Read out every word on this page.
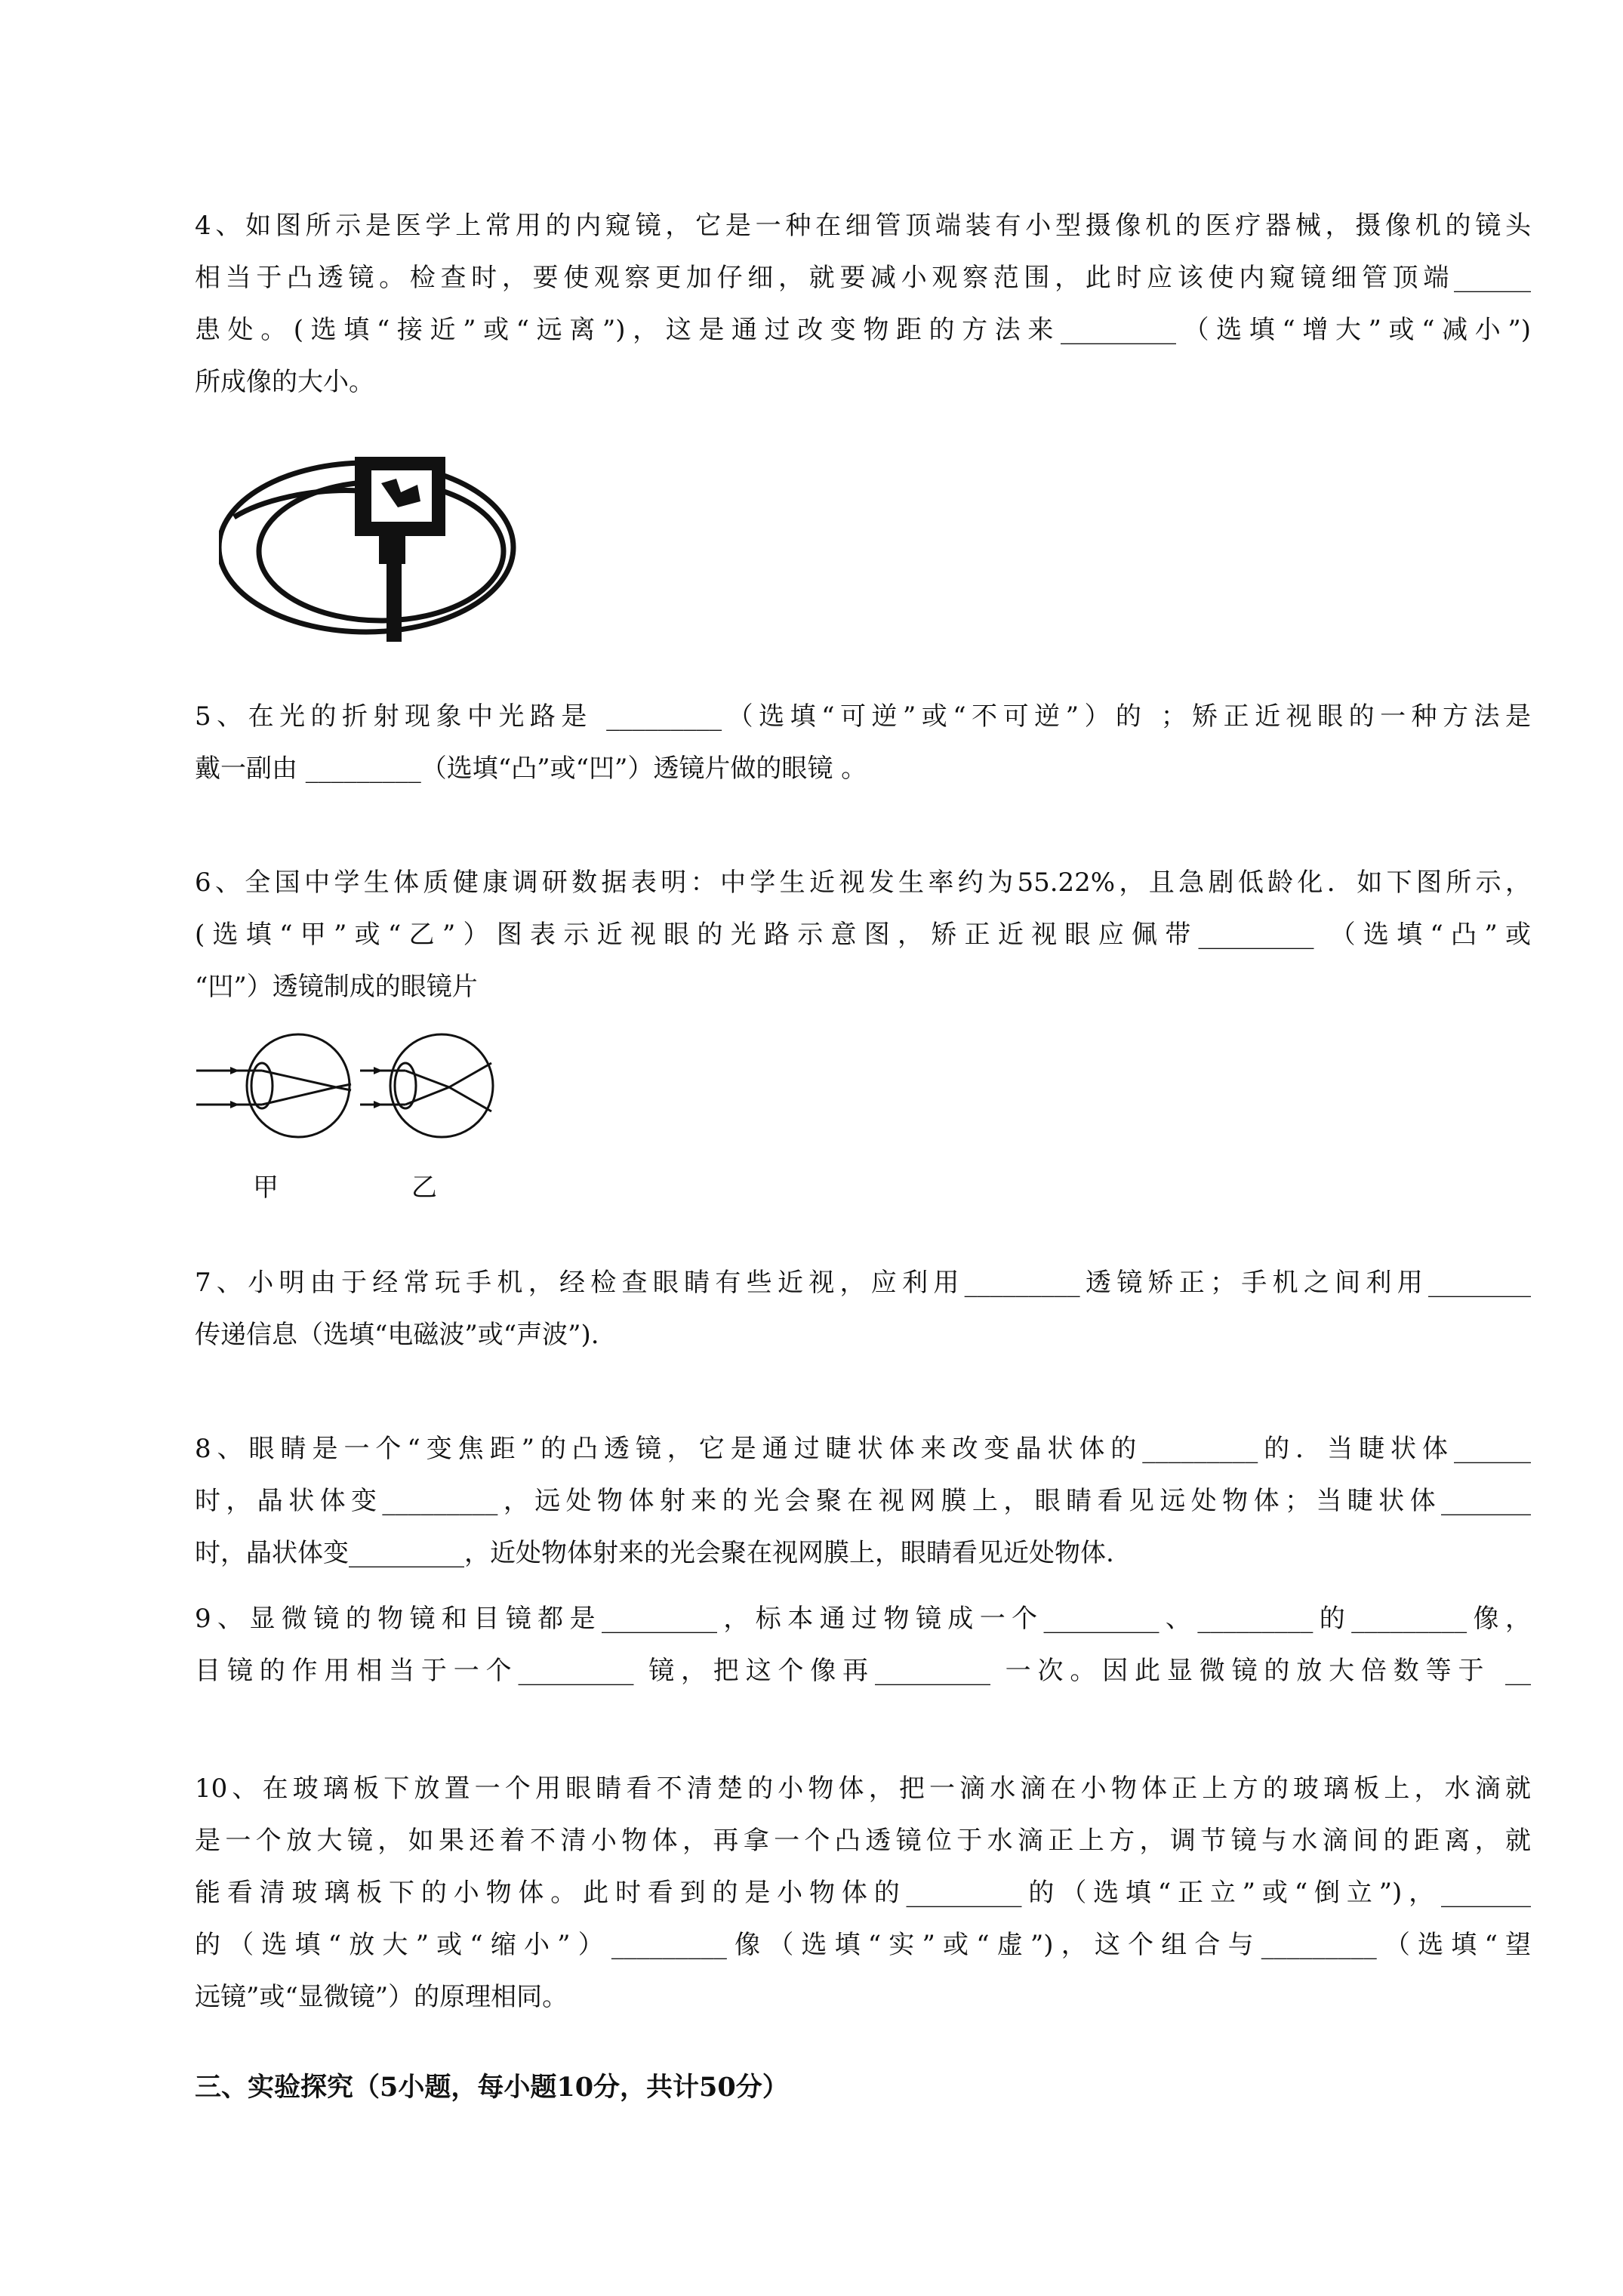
4、如图所示是医学上常用的内窥镜，它是一种在细管顶端装有小型摄像机的医疗器械，摄像机的镜头
相当于凸透镜。检查时，要使观察更加仔细，就要减小观察范围，此时应该使内窥镜细管顶端______
患处。(选填“接近”或“远离”)，这是通过改变物距的方法来_________（选填“增大”或“减小”)
所成像的大小。
5、在光的折射现象中光路是 _________（选填“可逆”或“不可逆”）的 ；矫正近视眼的一种方法是
戴一副由 _________（选填“凸”或“凹”）透镜片做的眼镜 。
6、全国中学生体质健康调研数据表明：中学生近视发生率约为55.22%，且急剧低龄化．如下图所示，
(选填“甲”或“乙”）图表示近视眼的光路示意图，矫正近视眼应佩带_________ （选填“凸”或
“凹”）透镜制成的眼镜片
甲	乙
7、小明由于经常玩手机，经检查眼睛有些近视，应利用_________透镜矫正；手机之间利用________
传递信息（选填“电磁波”或“声波”).
8、眼睛是一个“变焦距”的凸透镜，它是通过睫状体来改变晶状体的_________的．当睫状体______
时，晶状体变_________，远处物体射来的光会聚在视网膜上，眼睛看见远处物体；当睫状体_______
时，晶状体变_________，近处物体射来的光会聚在视网膜上，眼睛看见近处物体.
9、显微镜的物镜和目镜都是_________，标本通过物镜成一个_________、_________的_________像，
目镜的作用相当于一个_________ 镜，把这个像再_________ 一次。因此显微镜的放大倍数等于 __
10、在玻璃板下放置一个用眼睛看不清楚的小物体，把一滴水滴在小物体正上方的玻璃板上，水滴就
是一个放大镜，如果还着不清小物体，再拿一个凸透镜位于水滴正上方，调节镜与水滴间的距离，就
能看清玻璃板下的小物体。此时看到的是小物体的_________的（选填“正立”或“倒立”)，_______
的（选填“放大”或“缩小”）_________像（选填“实”或“虚”)，这个组合与_________（选填“望
远镜”或“显微镜”）的原理相同。
三、实验探究（5小题，每小题10分，共计50分）
